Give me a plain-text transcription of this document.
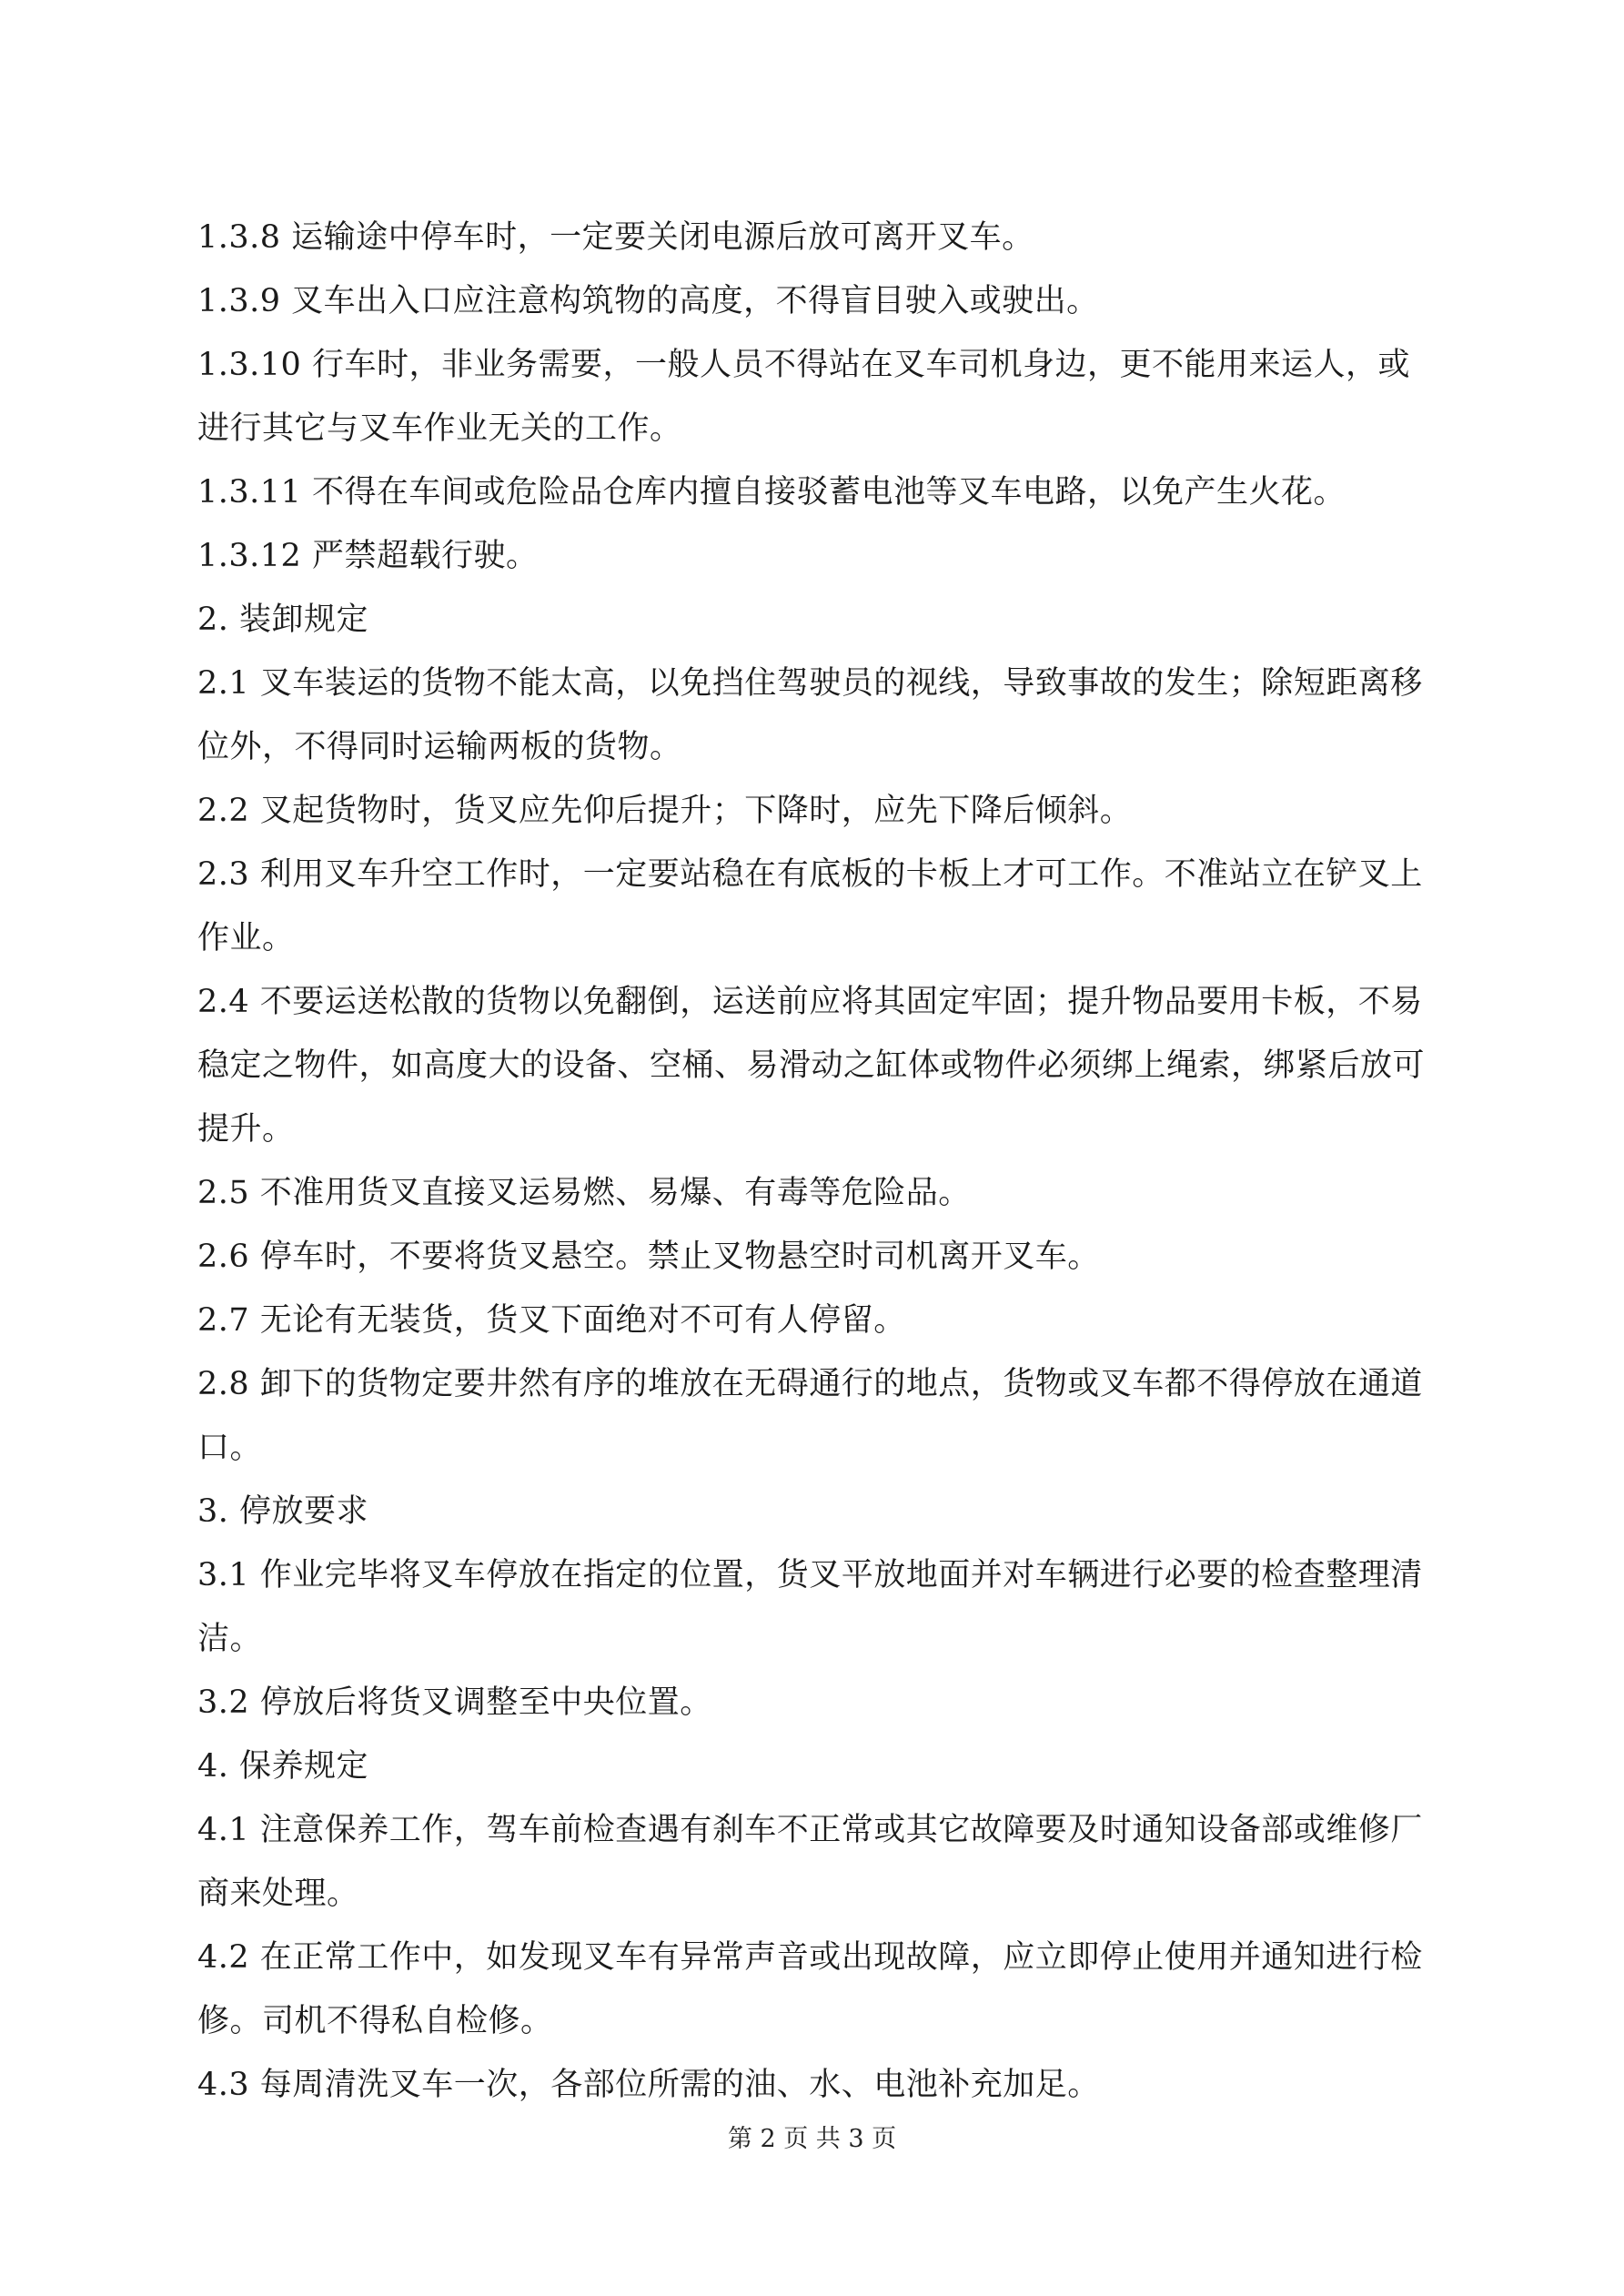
1.3.8 运输途中停车时，一定要关闭电源后放可离开叉车。

1.3.9 叉车出入口应注意构筑物的高度，不得盲目驶入或驶出。

1.3.10 行车时，非业务需要，一般人员不得站在叉车司机身边，更不能用来运人，或进行其它与叉车作业无关的工作。

1.3.11 不得在车间或危险品仓库内擅自接驳蓄电池等叉车电路，以免产生火花。

1.3.12 严禁超载行驶。

2. 装卸规定

2.1 叉车装运的货物不能太高，以免挡住驾驶员的视线，导致事故的发生；除短距离移位外，不得同时运输两板的货物。

2.2 叉起货物时，货叉应先仰后提升；下降时，应先下降后倾斜。

2.3 利用叉车升空工作时，一定要站稳在有底板的卡板上才可工作。不准站立在铲叉上作业。

2.4 不要运送松散的货物以免翻倒，运送前应将其固定牢固；提升物品要用卡板，不易稳定之物件，如高度大的设备、空桶、易滑动之缸体或物件必须绑上绳索，绑紧后放可提升。

2.5 不准用货叉直接叉运易燃、易爆、有毒等危险品。

2.6 停车时，不要将货叉悬空。禁止叉物悬空时司机离开叉车。

2.7 无论有无装货，货叉下面绝对不可有人停留。

2.8 卸下的货物定要井然有序的堆放在无碍通行的地点，货物或叉车都不得停放在通道口。

3. 停放要求

3.1 作业完毕将叉车停放在指定的位置，货叉平放地面并对车辆进行必要的检查整理清洁。

3.2 停放后将货叉调整至中央位置。

4. 保养规定

4.1 注意保养工作，驾车前检查遇有刹车不正常或其它故障要及时通知设备部或维修厂商来处理。

4.2 在正常工作中，如发现叉车有异常声音或出现故障，应立即停止使用并通知进行检修。司机不得私自检修。

4.3 每周清洗叉车一次，各部位所需的油、水、电池补充加足。

第 2 页 共 3 页
